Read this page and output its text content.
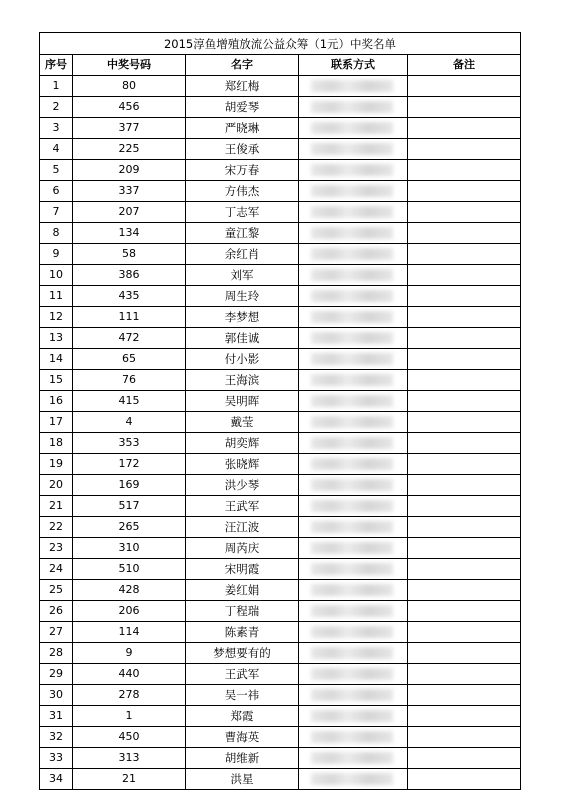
2015淳鱼增殖放流公益众筹（1元）中奖名单				
序号	中奖号码	名字	联系方式	备注
1	80	郑红梅	

2	456	胡爱琴	

3	377	严晓琳	

4	225	王俊承	

5	209	宋万春	

6	337	方伟杰	

7	207	丁志军	

8	134	童江黎	

9	58	余红肖	

10	386	刘军	

11	435	周生玲	

12	111	李梦想	

13	472	郭佳诚	

14	65	付小影	

15	76	王海滨	

16	415	吴明晖	

17	4	戴莹	

18	353	胡奕辉	

19	172	张晓辉	

20	169	洪少琴	

21	517	王武军	

22	265	汪江波	

23	310	周芮庆	

24	510	宋明霞	

25	428	姜红娟	

26	206	丁程瑞	

27	114	陈素青	

28	9	梦想要有的	

29	440	王武军	

30	278	吴一祎	

31	1	郑霞	

32	450	曹海英	

33	313	胡维新	

34	21	洪星	
